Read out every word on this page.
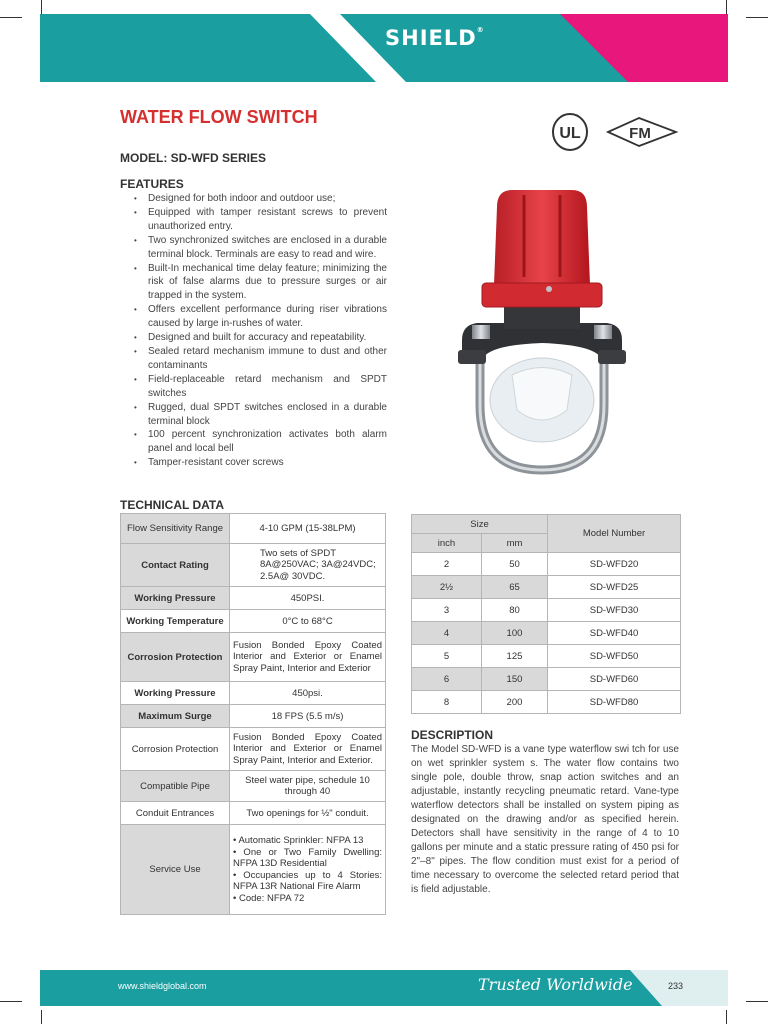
SHIELD®
WATER FLOW SWITCH
MODEL: SD-WFD SERIES
UL	FM
FEATURES
• Designed for both indoor and outdoor use;
• Equipped with tamper resistant screws to prevent unauthorized entry.
• Two synchronized switches are enclosed in a durable terminal block. Terminals are easy to read and wire.
• Built-In mechanical time delay feature; minimizing the risk of false alarms due to pressure surges or air trapped in the system.
• Offers excellent performance during riser vibrations caused by large in-rushes of water.
• Designed and built for accuracy and repeatability.
• Sealed retard mechanism immune to dust and other contaminants
• Field-replaceable retard mechanism and SPDT switches
• Rugged, dual SPDT switches enclosed in a durable terminal block
• 100 percent synchronization activates both alarm panel and local bell
• Tamper-resistant cover screws
TECHNICAL DATA
Flow Sensitivity Range	4-10 GPM (15-38LPM)
Contact Rating	Two sets of SPDT 8A@250VAC; 3A@24VDC; 2.5A@ 30VDC.
Working Pressure	450PSI.
Working Temperature	0°C to 68°C
Corrosion Protection	Fusion Bonded Epoxy Coated Interior and Exterior or Enamel Spray Paint, Interior and Exterior
Working Pressure	450psi.
Maximum Surge	18 FPS (5.5 m/s)
Corrosion Protection	Fusion Bonded Epoxy Coated Interior and Exterior or Enamel Spray Paint, Interior and Exterior.
Compatible Pipe	Steel water pipe, schedule 10 through 40
Conduit Entrances	Two openings for ½" conduit.
Service Use	• Automatic Sprinkler: NFPA 13
• One or Two Family Dwelling: NFPA 13D Residential
• Occupancies up to 4 Stories: NFPA 13R National Fire Alarm
• Code: NFPA 72
Size		Model Number
inch	mm	
2	50	SD-WFD20
2½	65	SD-WFD25
3	80	SD-WFD30
4	100	SD-WFD40
5	125	SD-WFD50
6	150	SD-WFD60
8	200	SD-WFD80
DESCRIPTION

The Model SD-WFD is a vane type waterflow swi tch for use on wet sprinkler system s. The water flow contains two single pole, double throw, snap action switches and an adjustable, instantly recycling pneumatic retard. Vane-type waterflow detectors shall be installed on system piping as designated on the drawing and/or as specified herein. Detectors shall have sensitivity in the range of 4 to 10 gallons per minute and a static pressure rating of 450 psi for 2"–8" pipes. The flow condition must exist for a period of time necessary to overcome the selected retard period that is field adjustable.

www.shieldglobal.com	Trusted Worldwide	233
